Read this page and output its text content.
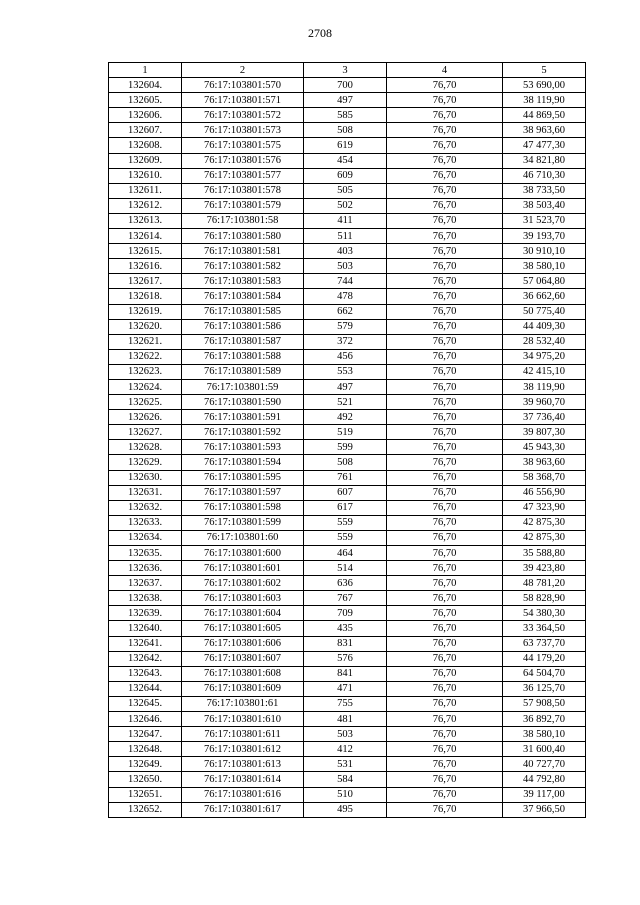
2708
1	2	3	4	5
132604.	76:17:103801:570	700	76,70	53 690,00
132605.	76:17:103801:571	497	76,70	38 119,90
132606.	76:17:103801:572	585	76,70	44 869,50
132607.	76:17:103801:573	508	76,70	38 963,60
132608.	76:17:103801:575	619	76,70	47 477,30
132609.	76:17:103801:576	454	76,70	34 821,80
132610.	76:17:103801:577	609	76,70	46 710,30
132611.	76:17:103801:578	505	76,70	38 733,50
132612.	76:17:103801:579	502	76,70	38 503,40
132613.	76:17:103801:58	411	76,70	31 523,70
132614.	76:17:103801:580	511	76,70	39 193,70
132615.	76:17:103801:581	403	76,70	30 910,10
132616.	76:17:103801:582	503	76,70	38 580,10
132617.	76:17:103801:583	744	76,70	57 064,80
132618.	76:17:103801:584	478	76,70	36 662,60
132619.	76:17:103801:585	662	76,70	50 775,40
132620.	76:17:103801:586	579	76,70	44 409,30
132621.	76:17:103801:587	372	76,70	28 532,40
132622.	76:17:103801:588	456	76,70	34 975,20
132623.	76:17:103801:589	553	76,70	42 415,10
132624.	76:17:103801:59	497	76,70	38 119,90
132625.	76:17:103801:590	521	76,70	39 960,70
132626.	76:17:103801:591	492	76,70	37 736,40
132627.	76:17:103801:592	519	76,70	39 807,30
132628.	76:17:103801:593	599	76,70	45 943,30
132629.	76:17:103801:594	508	76,70	38 963,60
132630.	76:17:103801:595	761	76,70	58 368,70
132631.	76:17:103801:597	607	76,70	46 556,90
132632.	76:17:103801:598	617	76,70	47 323,90
132633.	76:17:103801:599	559	76,70	42 875,30
132634.	76:17:103801:60	559	76,70	42 875,30
132635.	76:17:103801:600	464	76,70	35 588,80
132636.	76:17:103801:601	514	76,70	39 423,80
132637.	76:17:103801:602	636	76,70	48 781,20
132638.	76:17:103801:603	767	76,70	58 828,90
132639.	76:17:103801:604	709	76,70	54 380,30
132640.	76:17:103801:605	435	76,70	33 364,50
132641.	76:17:103801:606	831	76,70	63 737,70
132642.	76:17:103801:607	576	76,70	44 179,20
132643.	76:17:103801:608	841	76,70	64 504,70
132644.	76:17:103801:609	471	76,70	36 125,70
132645.	76:17:103801:61	755	76,70	57 908,50
132646.	76:17:103801:610	481	76,70	36 892,70
132647.	76:17:103801:611	503	76,70	38 580,10
132648.	76:17:103801:612	412	76,70	31 600,40
132649.	76:17:103801:613	531	76,70	40 727,70
132650.	76:17:103801:614	584	76,70	44 792,80
132651.	76:17:103801:616	510	76,70	39 117,00
132652.	76:17:103801:617	495	76,70	37 966,50
